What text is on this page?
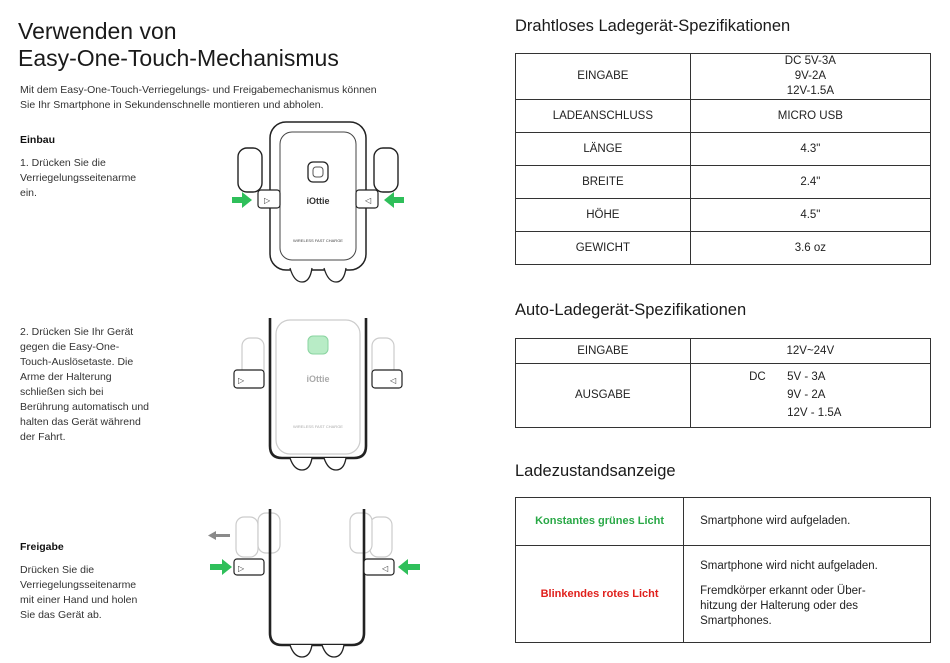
Verwenden von
Easy-One-Touch-Mechanismus
Mit dem Easy-One-Touch-Verriegelungs- und Freigabemechanismus können
Sie Ihr Smartphone in Sekundenschnelle montieren und abholen.
Einbau
1. Drücken Sie die
Verriegelungsseitenarme
ein.
2. Drücken Sie Ihr Gerät
gegen die Easy-One-
Touch-Auslösetaste. Die
Arme der Halterung
schließen sich bei
Berührung automatisch und
halten das Gerät während
der Fahrt.
Freigabe
Drücken Sie die
Verriegelungsseitenarme
mit einer Hand und holen
Sie das Gerät ab.
▷	◁
iOttie
WIRELESS FAST CHARGE
▷	◁
iOttie
WIRELESS FAST CHARGE
▷	◁
Drahtloses Ladegerät-Spezifikationen
EINGABE	DC 5V-3A
9V-2A
12V-1.5A

LADEANSCHLUSS	MICRO USB
LÄNGE	4.3"
BREITE	2.4"
HÖHE	4.5"
GEWICHT	3.6 oz
Auto-Ladegerät-Spezifikationen
EINGABE	12V~24V
AUSGABE	DC 5V - 3A
9V - 2A
12V - 1.5A
Ladezustandsanzeige
Konstantes grünes Licht	Smartphone wird aufgeladen.
Blinkendes rotes Licht	Smartphone wird nicht aufgeladen.

Fremdkörper erkannt oder Über-

hitzung der Halterung oder des

Smartphones.
